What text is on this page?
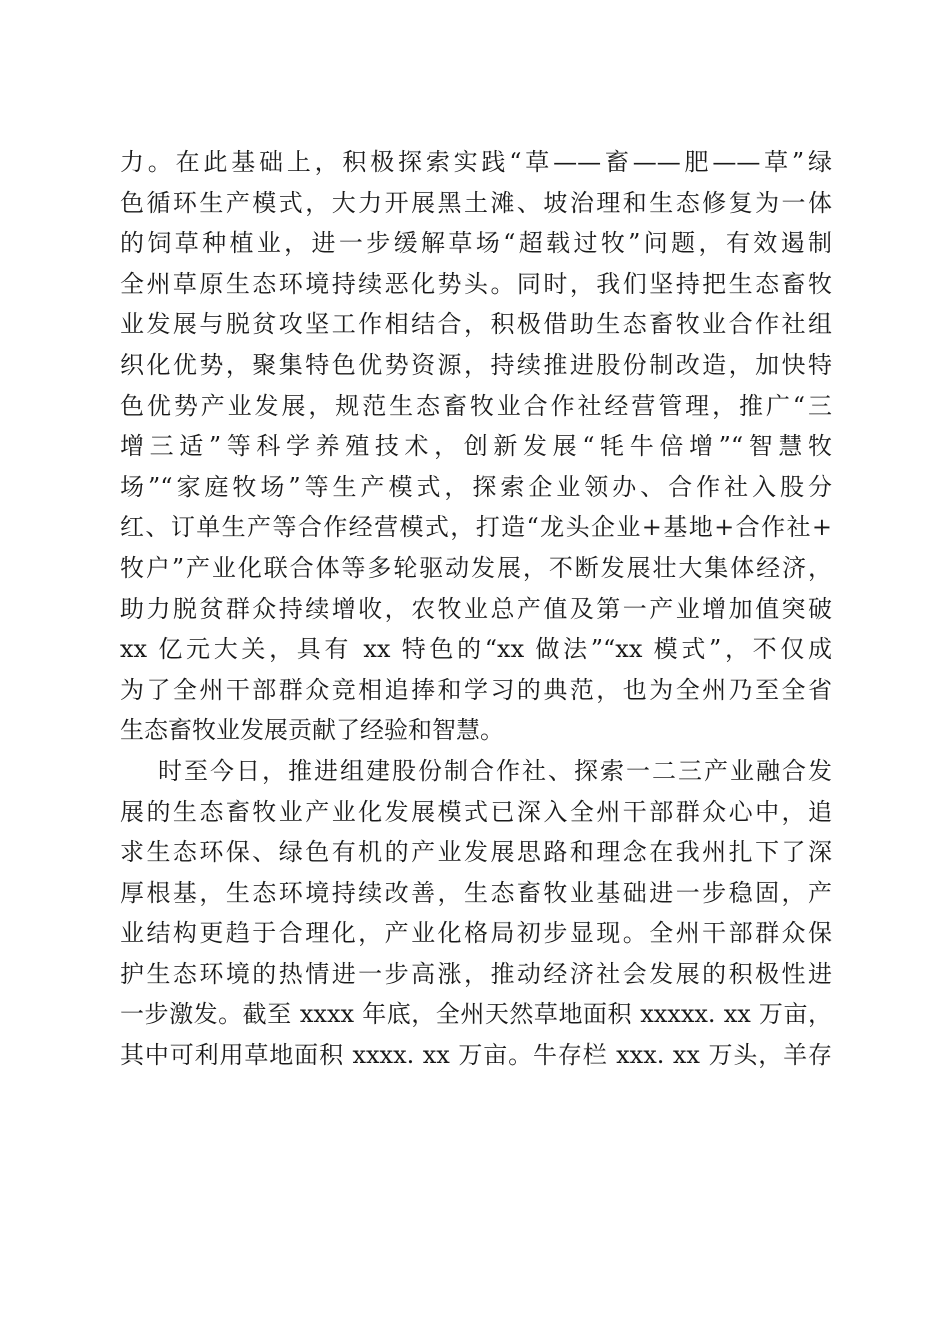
力。在此基础上，积极探索实践“草——畜——肥——草”绿
色循环生产模式，大力开展黑土滩、坡治理和生态修复为一体
的饲草种植业，进一步缓解草场“超载过牧”问题，有效遏制
全州草原生态环境持续恶化势头。同时，我们坚持把生态畜牧
业发展与脱贫攻坚工作相结合，积极借助生态畜牧业合作社组
织化优势，聚集特色优势资源，持续推进股份制改造，加快特
色优势产业发展，规范生态畜牧业合作社经营管理，推广“三
增三适”等科学养殖技术，创新发展“牦牛倍增”“智慧牧
场”“家庭牧场”等生产模式，探索企业领办、合作社入股分
红、订单生产等合作经营模式，打造“龙头企业+基地+合作社+
牧户”产业化联合体等多轮驱动发展，不断发展壮大集体经济，
助力脱贫群众持续增收，农牧业总产值及第一产业增加值突破
xx 亿元大关，具有 xx 特色的“xx 做法”“xx 模式”，不仅成
为了全州干部群众竞相追捧和学习的典范，也为全州乃至全省
生态畜牧业发展贡献了经验和智慧。
时至今日，推进组建股份制合作社、探索一二三产业融合发
展的生态畜牧业产业化发展模式已深入全州干部群众心中，追
求生态环保、绿色有机的产业发展思路和理念在我州扎下了深
厚根基，生态环境持续改善，生态畜牧业基础进一步稳固，产
业结构更趋于合理化，产业化格局初步显现。全州干部群众保
护生态环境的热情进一步高涨，推动经济社会发展的积极性进
一步激发。截至 xxxx 年底，全州天然草地面积 xxxxx. xx 万亩，
其中可利用草地面积 xxxx. xx 万亩。牛存栏 xxx. xx 万头，羊存
